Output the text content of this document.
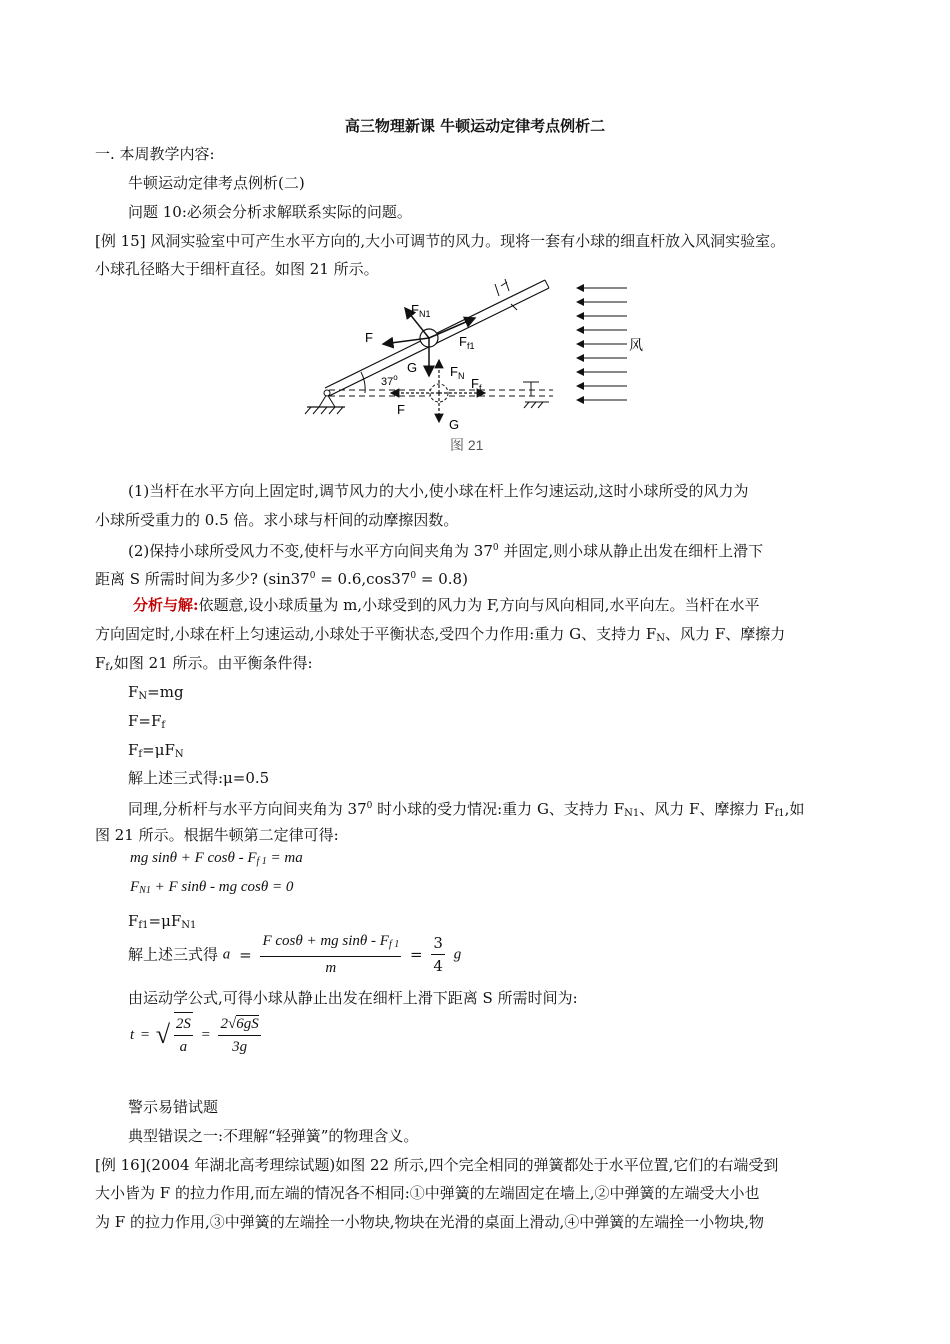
高三物理新课 牛顿运动定律考点例析二
一. 本周教学内容:
牛顿运动定律考点例析(二)
问题 10:必须会分析求解联系实际的问题。
[例 15] 风洞实验室中可产生水平方向的,大小可调节的风力。现将一套有小球的细直杆放入风洞实验室。
小球孔径略大于细杆直径。如图 21 所示。
风
$F_{N1}$
F	$F_{f1}$
G
37$^o$	$F_N$ $F_f$
F
G
图 21
(1)当杆在水平方向上固定时,调节风力的大小,使小球在杆上作匀速运动,这时小球所受的风力为
小球所受重力的 0.5 倍。求小球与杆间的动摩擦因数。
(2)保持小球所受风力不变,使杆与水平方向间夹角为 $37^0$ 并固定,则小球从静止出发在细杆上滑下
距离 S 所需时间为多少? $(\sin 37^0 = 0.6,\cos 37^0 = 0.8)$
分析与解:依题意,设小球质量为 m,小球受到的风力为 F,方向与风向相同,水平向左。当杆在水平
方向固定时,小球在杆上匀速运动,小球处于平衡状态,受四个力作用:重力 G、支持力 $F_N$、风力 F、摩擦力
$F_f$,如图 21 所示。由平衡条件得:
$F_N=mg$
$F=F_f$
$F_f=\mu F_N$
解上述三式得:μ=0.5
同理,分析杆与水平方向间夹角为 $37^0$ 时小球的受力情况:重力 G、支持力 $F_{N1}$、风力 F、摩擦力 $F_{f1}$,如
图 21 所示。根据牛顿第二定律可得:
mg sinθ + F cosθ - $F_{f 1}$ = ma
$F_{N1} + F$ sinθ - mg cosθ = 0
$F_{f1}=\mu F_{N1}$
解上述三式得 $a = \frac{F \cos\theta + mg \sin\theta - F_{f 1}}{m} = \frac{3}{4}$ g
由运动学公式,可得小球从静止出发在细杆上滑下距离 S 所需时间为:
t = √ $\frac{2S}{a} = \frac{2√6gS}{3g}$
警示易错试题
典型错误之一:不理解“轻弹簧”的物理含义。
[例 16](2004 年湖北高考理综试题)如图 22 所示,四个完全相同的弹簧都处于水平位置,它们的右端受到
大小皆为 F 的拉力作用,而左端的情况各不相同:①中弹簧的左端固定在墙上,②中弹簧的左端受大小也
为 F 的拉力作用,③中弹簧的左端拴一小物块,物块在光滑的桌面上滑动,④中弹簧的左端拴一小物块,物
